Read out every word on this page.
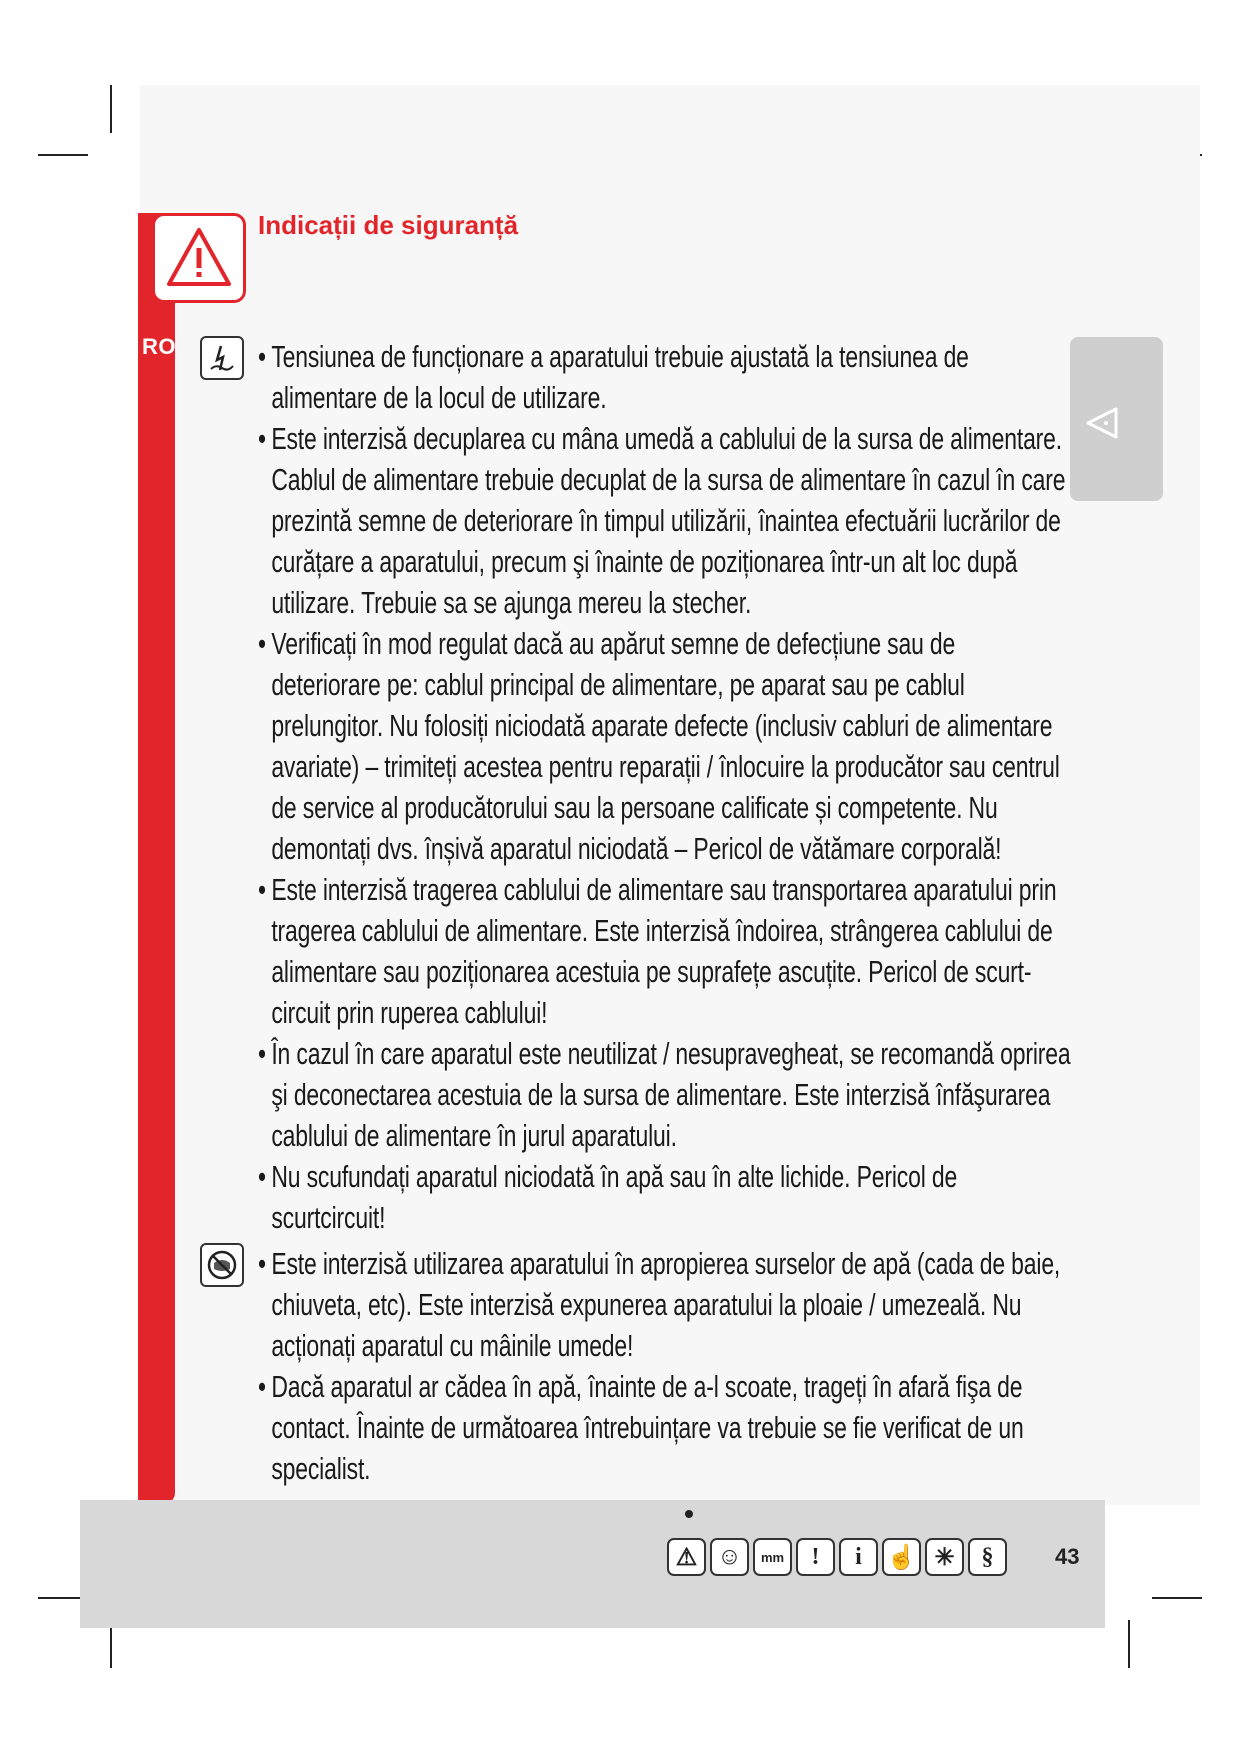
RO
Indicații de siguranță
• Tensiunea de funcționare a aparatului trebuie ajustată la tensiunea de alimentare de la locul de utilizare.
• Este interzisă decuplarea cu mâna umedă a cablului de la sursa de alimentare. Cablul de alimentare trebuie decuplat de la sursa de alimentare în cazul în care prezintă semne de deteriorare în timpul utilizării, înaintea efectuării lucrărilor de curățare a aparatului, precum şi înainte de poziționarea într-un alt loc după utilizare. Trebuie sa se ajunga mereu la stecher.
• Verificați în mod regulat dacă au apărut semne de defecțiune sau de deteriorare pe: cablul principal de alimentare, pe aparat sau pe cablul prelungitor. Nu folosiți niciodată aparate defecte (inclusiv cabluri de alimentare avariate) – trimiteți acestea pentru reparații / înlocuire la producător sau centrul de service al producătorului sau la persoane calificate și competente. Nu demontați dvs. înșivă aparatul niciodată – Pericol de vătămare corporală!
• Este interzisă tragerea cablului de alimentare sau transportarea aparatului prin tragerea cablului de alimentare. Este interzisă îndoirea, strângerea cablului de alimentare sau poziționarea acestuia pe suprafețe ascuțite. Pericol de scurt-circuit prin ruperea cablului!
• În cazul în care aparatul este neutilizat / nesupravegheat, se recomandă oprirea şi deconectarea acestuia de la sursa de alimentare. Este interzisă înfăşurarea cablului de alimentare în jurul aparatului.
• Nu scufundați aparatul niciodată în apă sau în alte lichide. Pericol de scurtcircuit!
• Este interzisă utilizarea aparatului în apropierea surselor de apă (cada de baie, chiuveta, etc). Este interzisă expunerea aparatului la ploaie / umezeală. Nu acționați aparatul cu mâinile umede!
• Dacă aparatul ar cădea în apă, înainte de a-l scoate, trageți în afară fişa de contact. Înainte de următoarea întrebuințare va trebuie se fie verificat de un specialist.
⚠ ☺	mm	!	i	☝ ✳	§	43
